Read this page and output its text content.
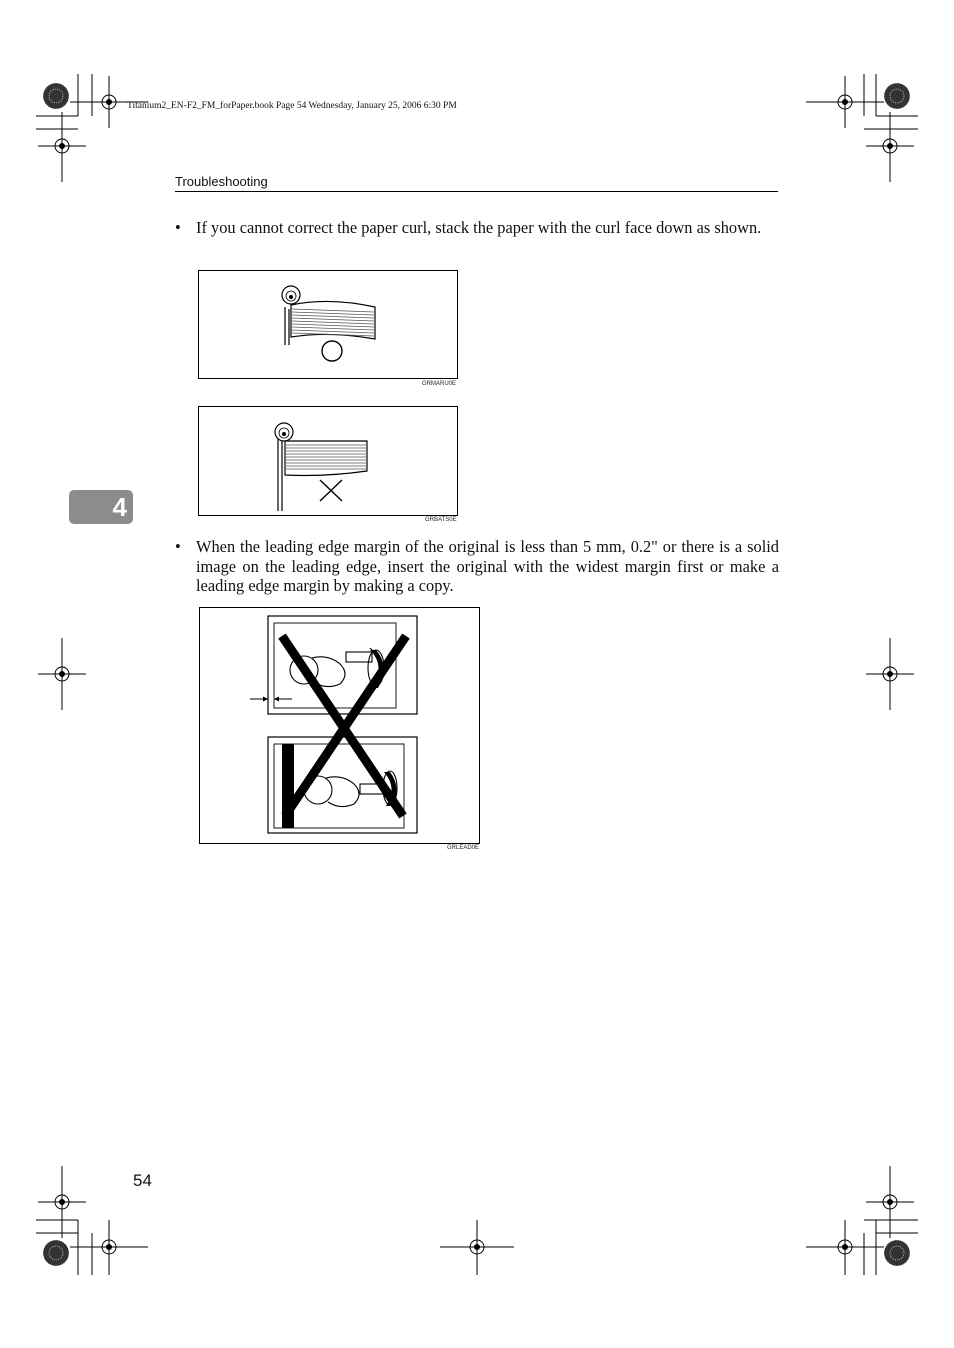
Titanium2_EN-F2_FM_forPaper.book Page 54 Wednesday, January 25, 2006 6:30 PM
Troubleshooting
• If you cannot correct the paper curl, stack the paper with the curl face down as shown.
GRMARU0E
GRBATS0E
4
• When the leading edge margin of the original is less than 5 mm, 0.2" or there is a solid image on the leading edge, insert the original with the widest margin first or make a leading edge margin by making a copy.
GRLEAD0E
54
